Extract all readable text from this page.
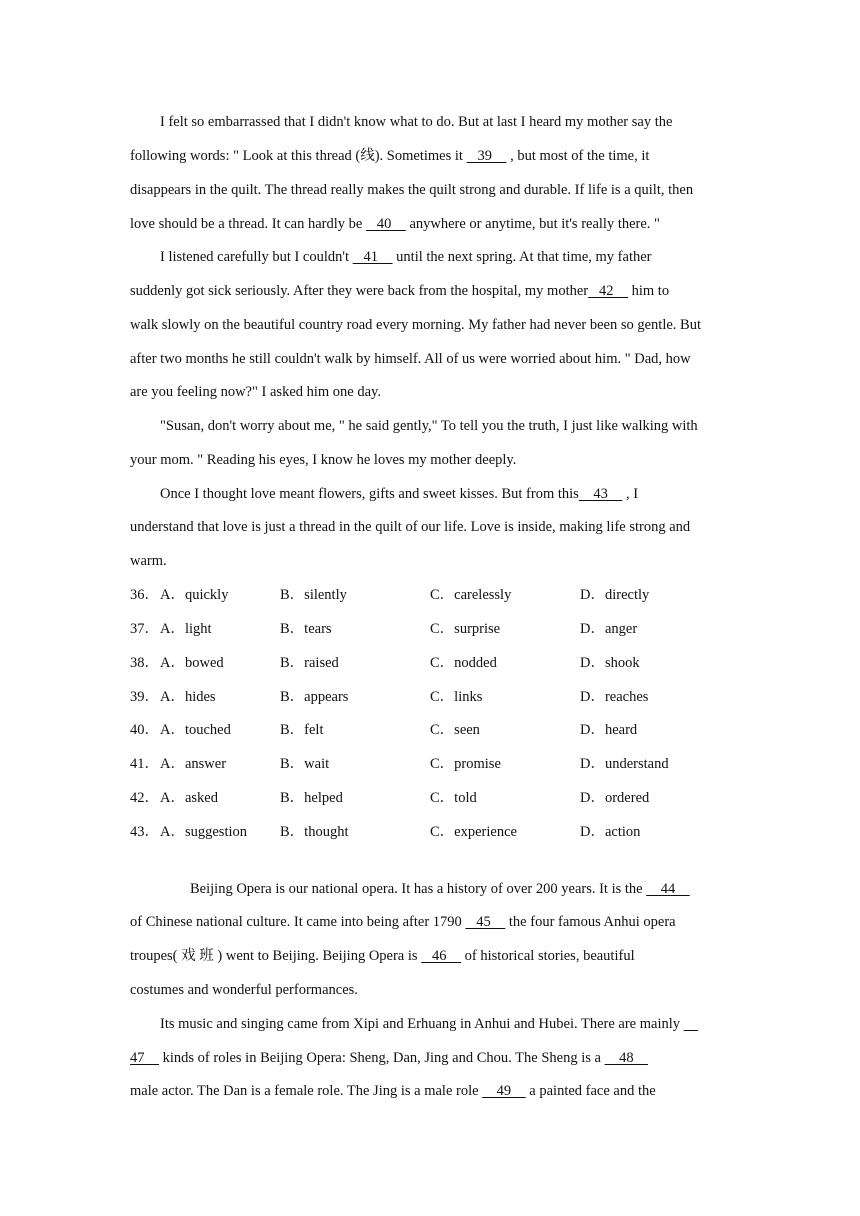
I felt so embarrassed that I didn't know what to do. But at last I heard my mother say the
following words: " Look at this thread (线). Sometimes it    39     , but most of the time, it
disappears in the quilt. The thread really makes the quilt strong and durable. If life is a quilt, then
love should be a thread. It can hardly be    40     anywhere or anytime, but it's really there. "
I listened carefully but I couldn't    41     until the next spring. At that time, my father
suddenly got sick seriously. After they were back from the hospital, my mother   42     him to
walk slowly on the beautiful country road every morning. My father had never been so gentle. But
after two months he still couldn't walk by himself. All of us were worried about him. " Dad, how
are you feeling now?" I asked him one day.
"Susan, don't worry about me, " he said gently," To tell you the truth, I just like walking with
your mom. " Reading his eyes, I know he loves my mother deeply.
Once I thought love meant flowers, gifts and sweet kisses. But from this    43     , I
understand that love is just a thread in the quilt of our life. Love is inside, making life strong and
warm.
36． A．quickly	B．silently	C．carelessly	D．directly
37． A．light	B．tears	C．surprise	D．anger
38． A．bowed	B．raised	C．nodded	D．shook
39． A．hides	B．appears	C．links	D．reaches
40． A．touched	B．felt	C．seen	D．heard
41． A．answer	B．wait	C．promise	D．understand
42． A．asked	B．helped	C．told	D．ordered
43． A．suggestion B．thought	C．experience	D．action
Beijing Opera is our national opera. It has a history of over 200 years. It is the     44
of Chinese national culture. It came into being after 1790    45     the four famous Anhui opera
troupes( 戏 班 ) went to Beijing. Beijing Opera is    46     of historical stories, beautiful
costumes and wonderful performances.
Its music and singing came from Xipi and Erhuang in Anhui and Hubei. There are mainly
47     kinds of roles in Beijing Opera: Sheng, Dan, Jing and Chou. The Sheng is a     48
male actor. The Dan is a female role. The Jing is a male role     49     a painted face and the
